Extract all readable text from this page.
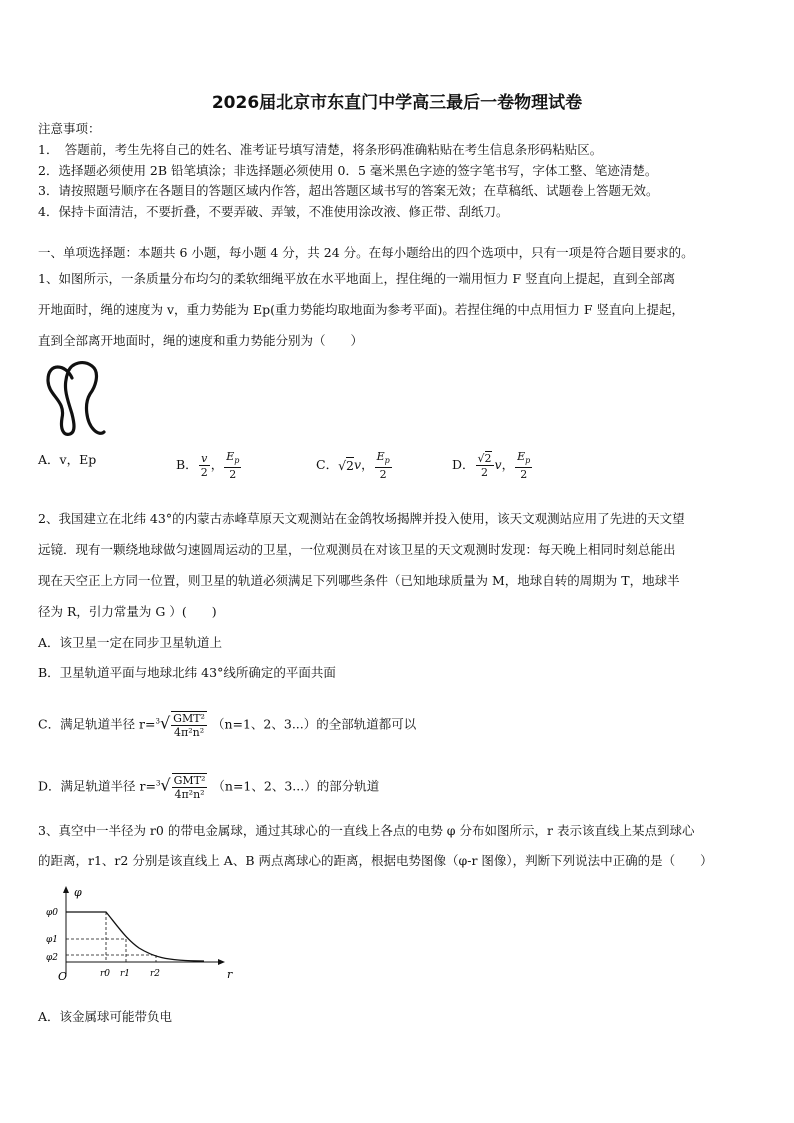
2026届北京市东直门中学高三最后一卷物理试卷
注意事项：
1．　答题前，考生先将自己的姓名、准考证号填写清楚，将条形码准确粘贴在考生信息条形码粘贴区。
2．选择题必须使用 2B 铅笔填涂；非选择题必须使用 0．5 毫米黑色字迹的签字笔书写，字体工整、笔迹清楚。
3．请按照题号顺序在各题目的答题区域内作答，超出答题区域书写的答案无效；在草稿纸、试题卷上答题无效。
4．保持卡面清洁，不要折叠，不要弄破、弄皱，不准使用涂改液、修正带、刮纸刀。
一、单项选择题：本题共 6 小题，每小题 4 分，共 24 分。在每小题给出的四个选项中，只有一项是符合题目要求的。
1、如图所示，一条质量分布均匀的柔软细绳平放在水平地面上，捏住绳的一端用恒力 F 竖直向上提起，直到全部离
开地面时，绳的速度为 v，重力势能为 Ep(重力势能均取地面为参考平面)。若捏住绳的中点用恒力 F 竖直向上提起，
直到全部离开地面时，绳的速度和重力势能分别为（　　）
A．v，Ep	B． $\frac{v}{2}$ ， $\frac{E_p}{2}$	C．√2v， $\frac{E_p}{2}$	D． $\frac{√2}{2}$ v， $\frac{E_p}{2}$
2、我国建立在北纬 43°的内蒙古赤峰草原天文观测站在金鸽牧场揭牌并投入使用，该天文观测站应用了先进的天文望
远镜．现有一颗绕地球做匀速圆周运动的卫星，一位观测员在对该卫星的天文观测时发现：每天晚上相同时刻总能出
现在天空正上方同一位置，则卫星的轨道必须满足下列哪些条件（已知地球质量为 M，地球自转的周期为 T，地球半
径为 R，引力常量为 G ）(　　)
A．该卫星一定在同步卫星轨道上
B．卫星轨道平面与地球北纬 43°线所确定的平面共面
C．满足轨道半径 $r=^3√ \frac{\text{GMT²}}{\text{4π²n²}} (n=1$、2、3...）的全部轨道都可以
D．满足轨道半径 $r=^3√ \frac{\text{GMT²}}{\text{4π²n²}} (n=1$、2、3...）的部分轨道
3、真空中一半径为 r0 的带电金属球，通过其球心的一直线上各点的电势 φ 分布如图所示，r 表示该直线上某点到球心
的距离，r1、r2 分别是该直线上 A、B 两点离球心的距离，根据电势图像（φ-r 图像），判断下列说法中正确的是（　　）
φ
r
O
φ0
φ1
φ2
r0 r1 r2
A．该金属球可能带负电
